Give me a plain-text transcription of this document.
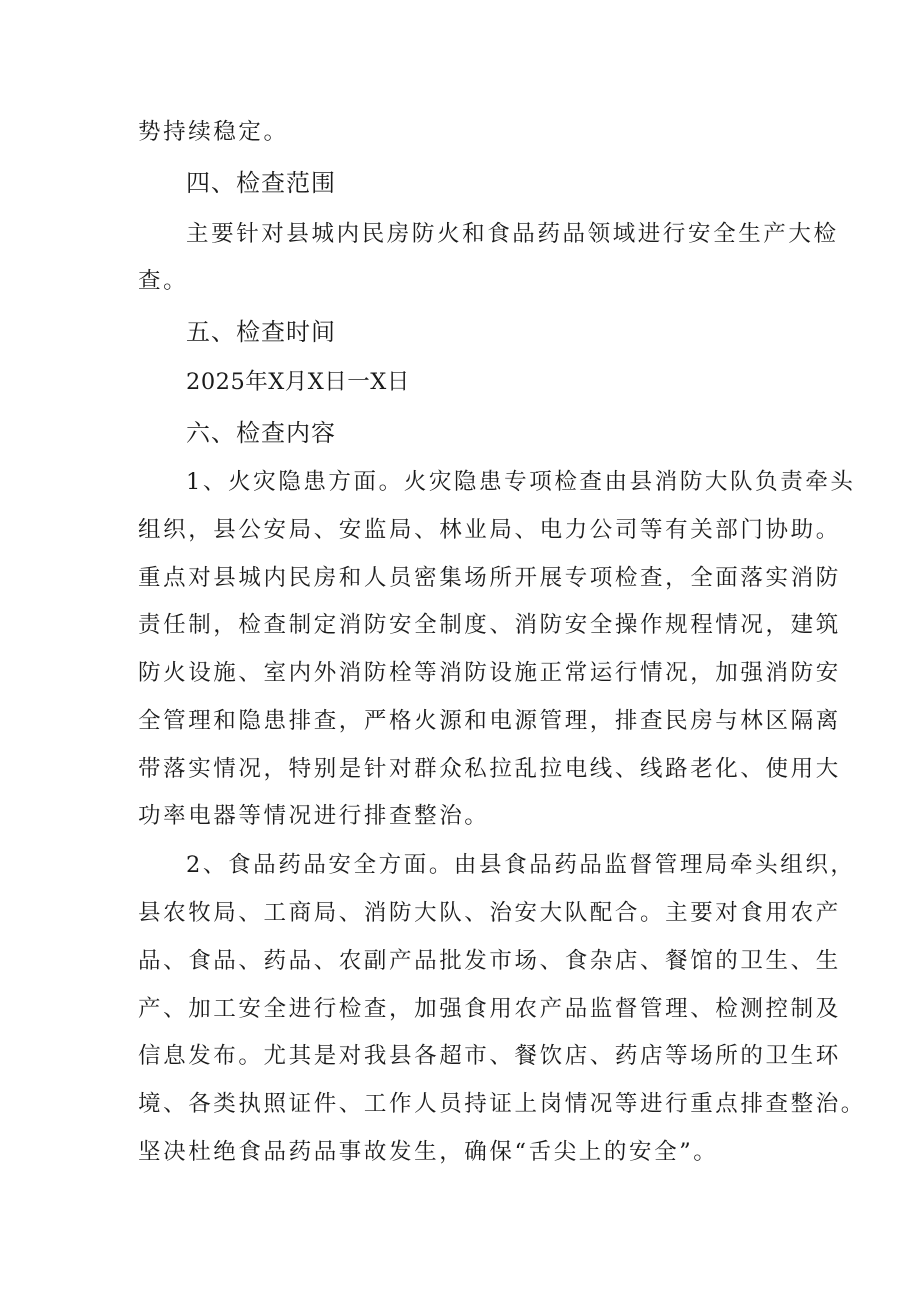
势持续稳定。
四、检查范围
主要针对县城内民房防火和食品药品领域进行安全生产大检
查。
五、检查时间
2025年X月X日一X日
六、检查内容
1、火灾隐患方面。火灾隐患专项检查由县消防大队负责牵头
组织，县公安局、安监局、林业局、电力公司等有关部门协助。
重点对县城内民房和人员密集场所开展专项检查，全面落实消防
责任制，检查制定消防安全制度、消防安全操作规程情况，建筑
防火设施、室内外消防栓等消防设施正常运行情况，加强消防安
全管理和隐患排查，严格火源和电源管理，排查民房与林区隔离
带落实情况，特别是针对群众私拉乱拉电线、线路老化、使用大
功率电器等情况进行排查整治。
2、食品药品安全方面。由县食品药品监督管理局牵头组织，
县农牧局、工商局、消防大队、治安大队配合。主要对食用农产
品、食品、药品、农副产品批发市场、食杂店、餐馆的卫生、生
产、加工安全进行检查，加强食用农产品监督管理、检测控制及
信息发布。尤其是对我县各超市、餐饮店、药店等场所的卫生环
境、各类执照证件、工作人员持证上岗情况等进行重点排查整治。
坚决杜绝食品药品事故发生，确保“舌尖上的安全”。
